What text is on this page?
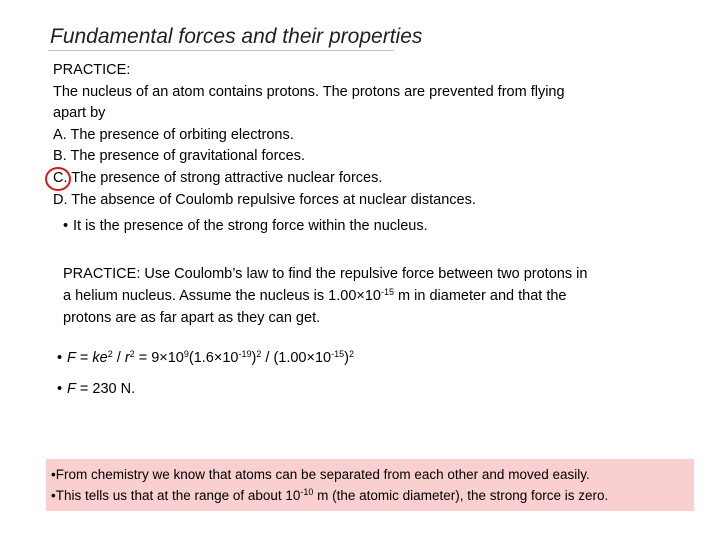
Fundamental forces and their properties
PRACTICE:
The nucleus of an atom contains protons. The protons are prevented from flying
apart by
A. The presence of orbiting electrons.
B. The presence of gravitational forces.
C. The presence of strong attractive nuclear forces.
D. The absence of Coulomb repulsive forces at nuclear distances.
• It is the presence of the strong force within the nucleus.
PRACTICE: Use Coulomb’s law to find the repulsive force between two protons in
a helium nucleus. Assume the nucleus is $1.00\times 10^{-15}$ m in diameter and that the
protons are as far apart as they can get.
• $F = ke^2 / r^2 = 9\times 10^9(1.6\times 10^{-19})^2 / (1.00\times 10^{-15})^2$
• F = 230 N.
•From chemistry we know that atoms can be separated from each other and moved easily.
•This tells us that at the range of about $10^{-10}$ m (the atomic diameter), the strong force is zero.
